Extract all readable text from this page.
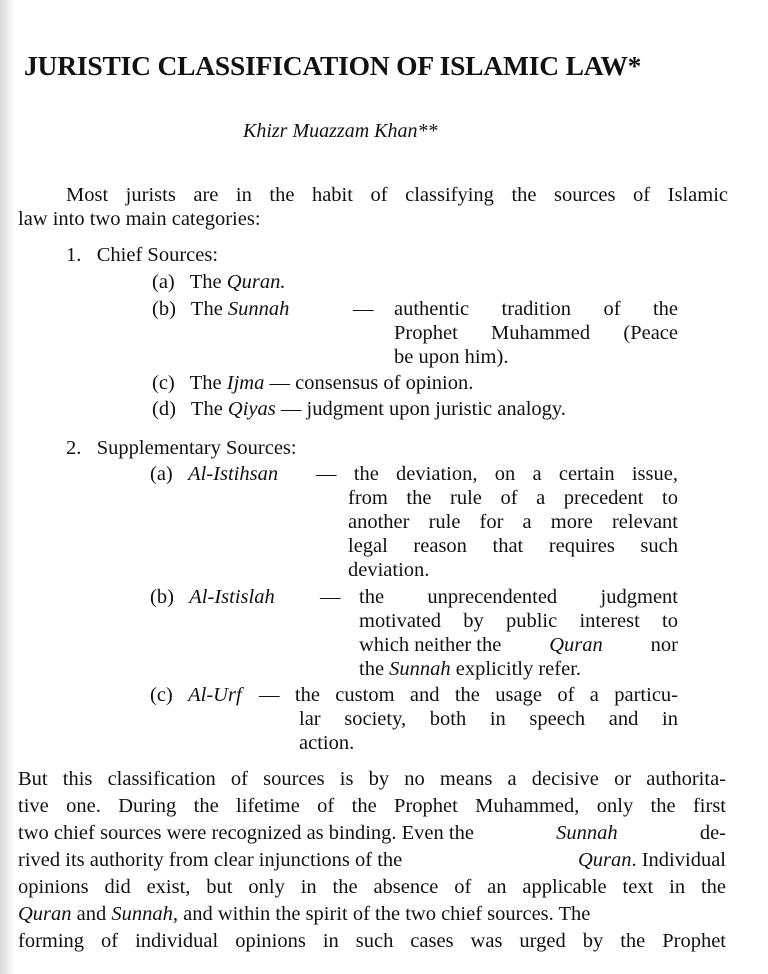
JURISTIC CLASSIFICATION OF ISLAMIC LAW*
Khizr Muazzam Khan**
Most jurists are in the habit of classifying the sources of Islamic
law into two main categories:
1.   Chief Sources:
(a) The Quran.
(b) The Sunnah	— authentic tradition of the
Prophet Muhammed (Peace
be upon him).
(c) The Ijma — consensus of opinion.
(d) The Qiyas — judgment upon juristic analogy.
2.   Supplementary Sources:
(a) Al-Istihsan — the deviation, on a certain issue,
from the rule of a precedent to
another rule for a more relevant
legal reason that requires such
deviation.
(b) Al-Istislah — the unprecendented judgment
motivated by public interest to
which neither the Quran nor
the Sunnah explicitly refer.
(c) Al-Urf — the custom and the usage of a particu-
lar society, both in speech and in
action.
But this classification of sources is by no means a decisive or authorita-
tive one. During the lifetime of the Prophet Muhammed, only the first
two chief sources were recognized as binding. Even the	Sunnah	de-
rived its authority from clear injunctions of the	Quran. Individual
opinions did exist, but only in the absence of an applicable text in the
Quran and Sunnah, and within the spirit of the two chief sources. The
forming of individual opinions in such cases was urged by the Prophet
